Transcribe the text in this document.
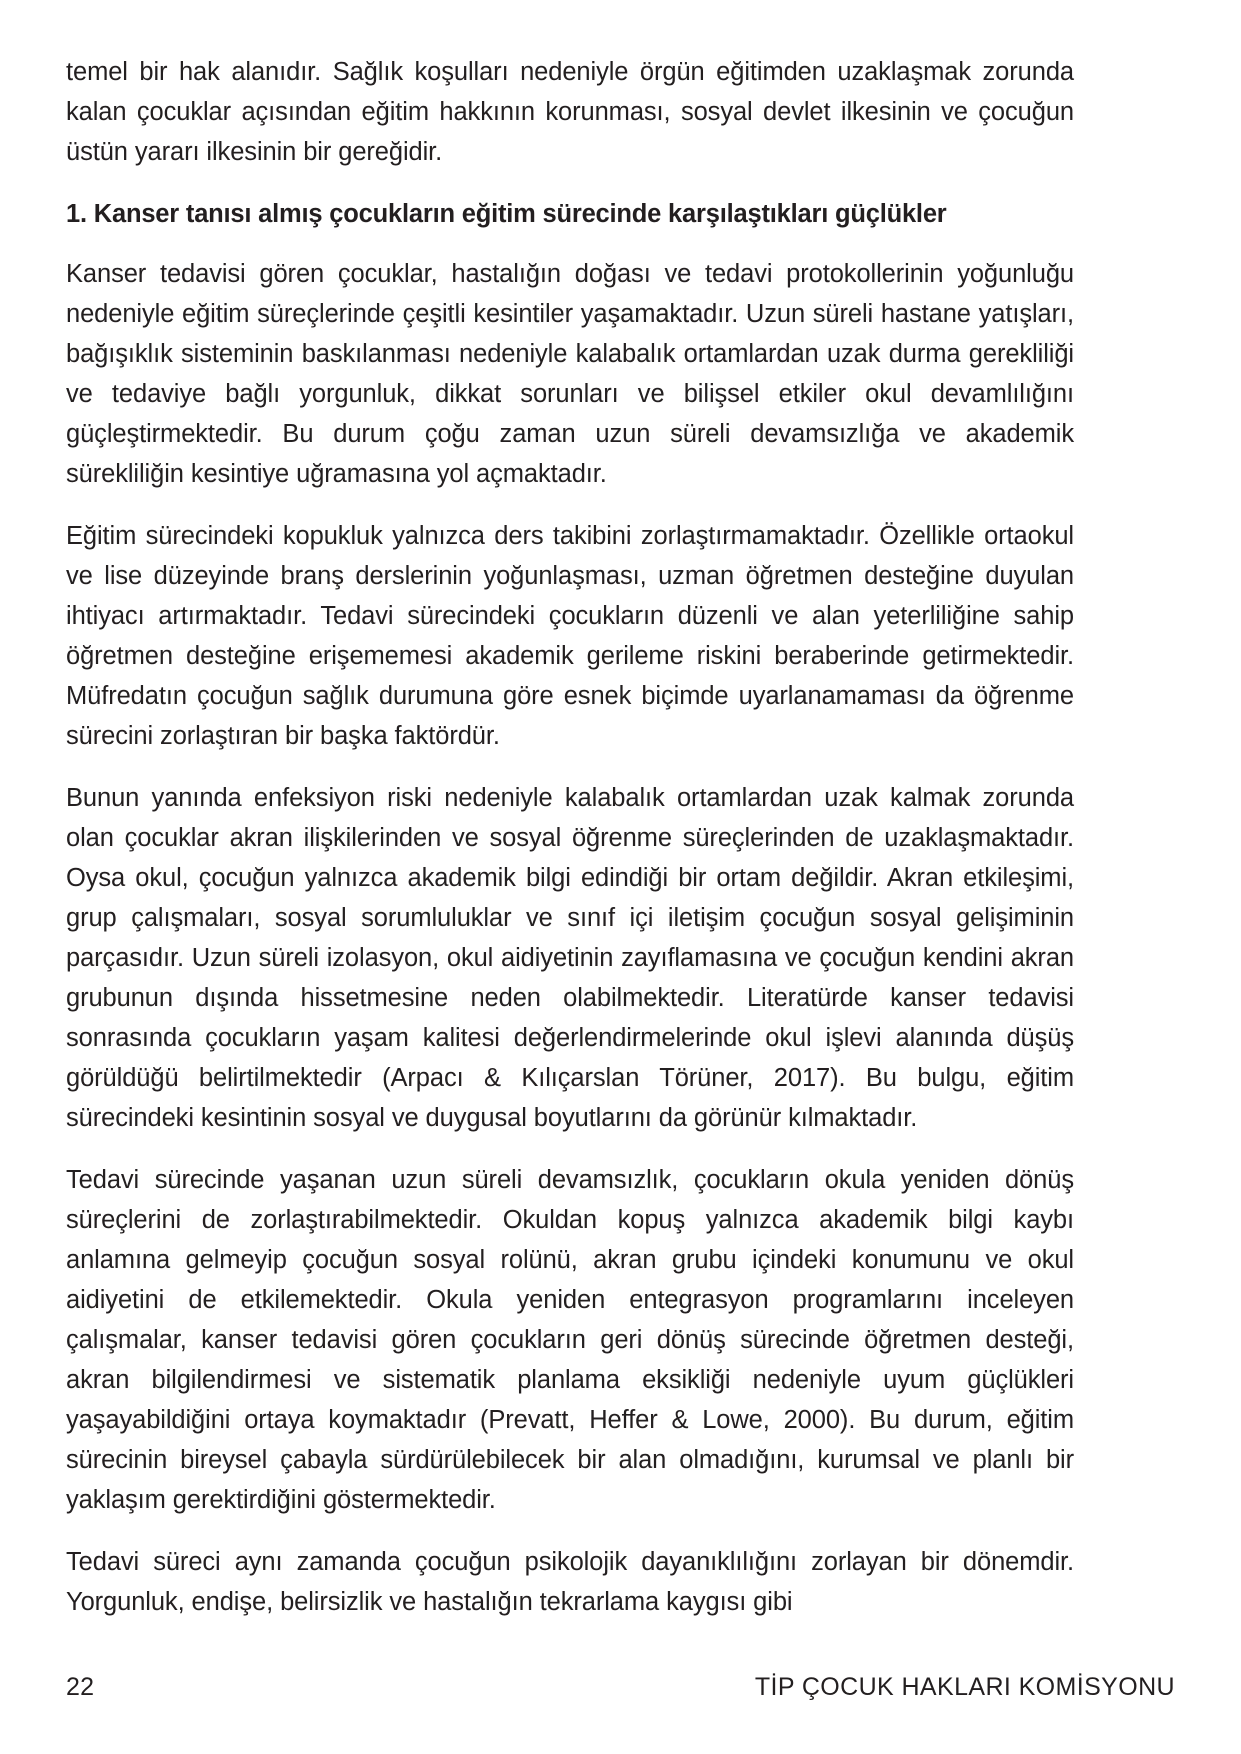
temel bir hak alanıdır. Sağlık koşulları nedeniyle örgün eğitimden uzaklaşmak zorunda kalan çocuklar açısından eğitim hakkının korunması, sosyal devlet ilkesinin ve çocuğun üstün yararı ilkesinin bir gereğidir.

1. Kanser tanısı almış çocukların eğitim sürecinde karşılaştıkları güçlükler

Kanser tedavisi gören çocuklar, hastalığın doğası ve tedavi protokollerinin yoğunluğu nedeniyle eğitim süreçlerinde çeşitli kesintiler yaşamaktadır. Uzun süreli hastane yatışları, bağışıklık sisteminin baskılanması nedeniyle kalabalık ortamlardan uzak durma gerekliliği ve tedaviye bağlı yorgunluk, dikkat sorunları ve bilişsel etkiler okul devamlılığını güçleştirmektedir. Bu durum çoğu zaman uzun süreli devamsızlığa ve akademik sürekliliğin kesintiye uğramasına yol açmaktadır.

Eğitim sürecindeki kopukluk yalnızca ders takibini zorlaştırmamaktadır. Özellikle ortaokul ve lise düzeyinde branş derslerinin yoğunlaşması, uzman öğretmen desteğine duyulan ihtiyacı artırmaktadır. Tedavi sürecindeki çocukların düzenli ve alan yeterliliğine sahip öğretmen desteğine erişememesi akademik gerileme riskini beraberinde getirmektedir. Müfredatın çocuğun sağlık durumuna göre esnek biçimde uyarlanamaması da öğrenme sürecini zorlaştıran bir başka faktördür.

Bunun yanında enfeksiyon riski nedeniyle kalabalık ortamlardan uzak kalmak zorunda olan çocuklar akran ilişkilerinden ve sosyal öğrenme süreçlerinden de uzaklaşmaktadır. Oysa okul, çocuğun yalnızca akademik bilgi edindiği bir ortam değildir. Akran etkileşimi, grup çalışmaları, sosyal sorumluluklar ve sınıf içi iletişim çocuğun sosyal gelişiminin parçasıdır. Uzun süreli izolasyon, okul aidiyetinin zayıflamasına ve çocuğun kendini akran grubunun dışında hissetmesine neden olabilmektedir. Literatürde kanser tedavisi sonrasında çocukların yaşam kalitesi değerlendirmelerinde okul işlevi alanında düşüş görüldüğü belirtilmektedir (Arpacı & Kılıçarslan Törüner, 2017). Bu bulgu, eğitim sürecindeki kesintinin sosyal ve duygusal boyutlarını da görünür kılmaktadır.

Tedavi sürecinde yaşanan uzun süreli devamsızlık, çocukların okula yeniden dönüş süreçlerini de zorlaştırabilmektedir. Okuldan kopuş yalnızca akademik bilgi kaybı anlamına gelmeyip çocuğun sosyal rolünü, akran grubu içindeki konumunu ve okul aidiyetini de etkilemektedir. Okula yeniden entegrasyon programlarını inceleyen çalışmalar, kanser tedavisi gören çocukların geri dönüş sürecinde öğretmen desteği, akran bilgilendirmesi ve sistematik planlama eksikliği nedeniyle uyum güçlükleri yaşayabildiğini ortaya koymaktadır (Prevatt, Heffer & Lowe, 2000). Bu durum, eğitim sürecinin bireysel çabayla sürdürülebilecek bir alan olmadığını, kurumsal ve planlı bir yaklaşım gerektirdiğini göstermektedir.

Tedavi süreci aynı zamanda çocuğun psikolojik dayanıklılığını zorlayan bir dönemdir. Yorgunluk, endişe, belirsizlik ve hastalığın tekrarlama kaygısı gibi

22	TİP ÇOCUK HAKLARI KOMİSYONU
